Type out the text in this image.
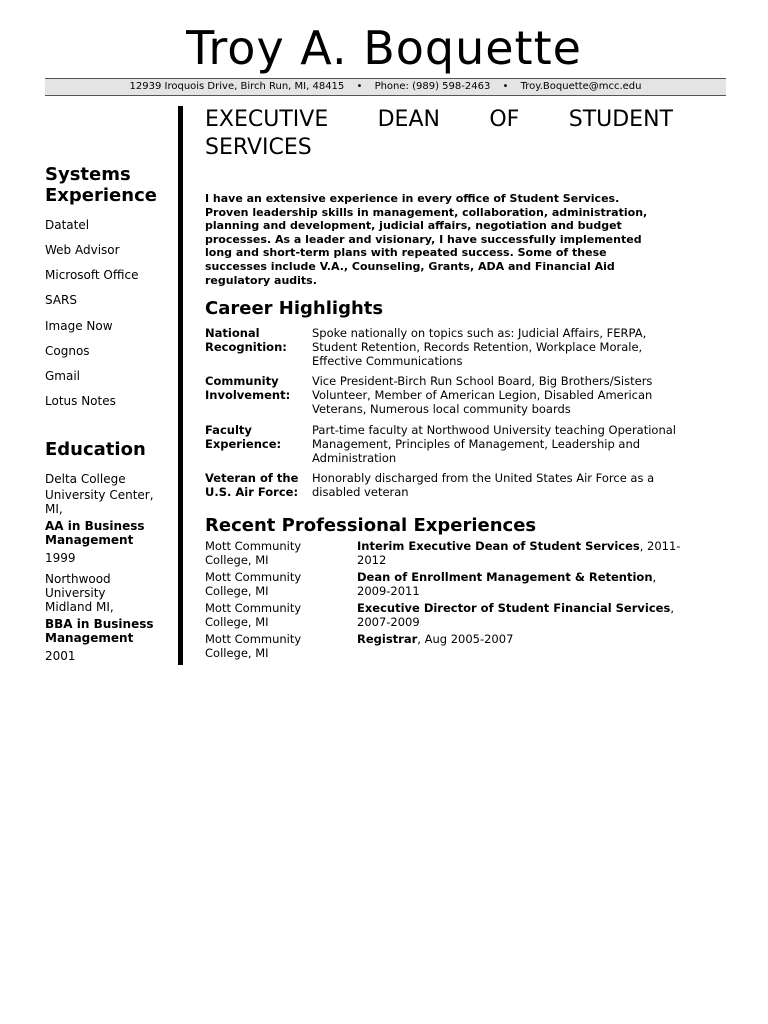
Troy A. Boquette
12939 Iroquois Drive, Birch Run, MI, 48415 • Phone: (989) 598-2463 • Troy.Boquette@mcc.edu
Systems
Experience
Datatel
Web Advisor
Microsoft Office
SARS
Image Now
Cognos
Gmail
Lotus Notes
Education
Delta College
University Center, MI,
AA in Business
Management
1999
Northwood University
Midland MI,
BBA in Business
Management
2001
EXECUTIVE DEAN OF STUDENT
SERVICES
I have an extensive experience in every office of Student Services. Proven leadership skills in management, collaboration, administration, planning and development, judicial affairs, negotiation and budget processes. As a leader and visionary, I have successfully implemented long and short-term plans with repeated success. Some of these successes include V.A., Counseling, Grants, ADA and Financial Aid regulatory audits.
Career Highlights
National
Recognition:
Spoke nationally on topics such as: Judicial Affairs, FERPA, Student Retention, Records Retention, Workplace Morale, Effective Communications
Community
Involvement:
Vice President-Birch Run School Board, Big Brothers/Sisters Volunteer, Member of American Legion, Disabled American Veterans, Numerous local community boards
Faculty
Experience:
Part-time faculty at Northwood University teaching Operational Management, Principles of Management, Leadership and Administration
Veteran of the
U.S. Air Force:
Honorably discharged from the United States Air Force as a disabled veteran
Recent Professional Experiences
Mott Community
College, MI
Interim Executive Dean of Student Services, 2011-2012
Mott Community
College, MI
Dean of Enrollment Management & Retention, 2009-2011
Mott Community
College, MI
Executive Director of Student Financial Services, 2007-2009
Mott Community
College, MI
Registrar, Aug 2005-2007
